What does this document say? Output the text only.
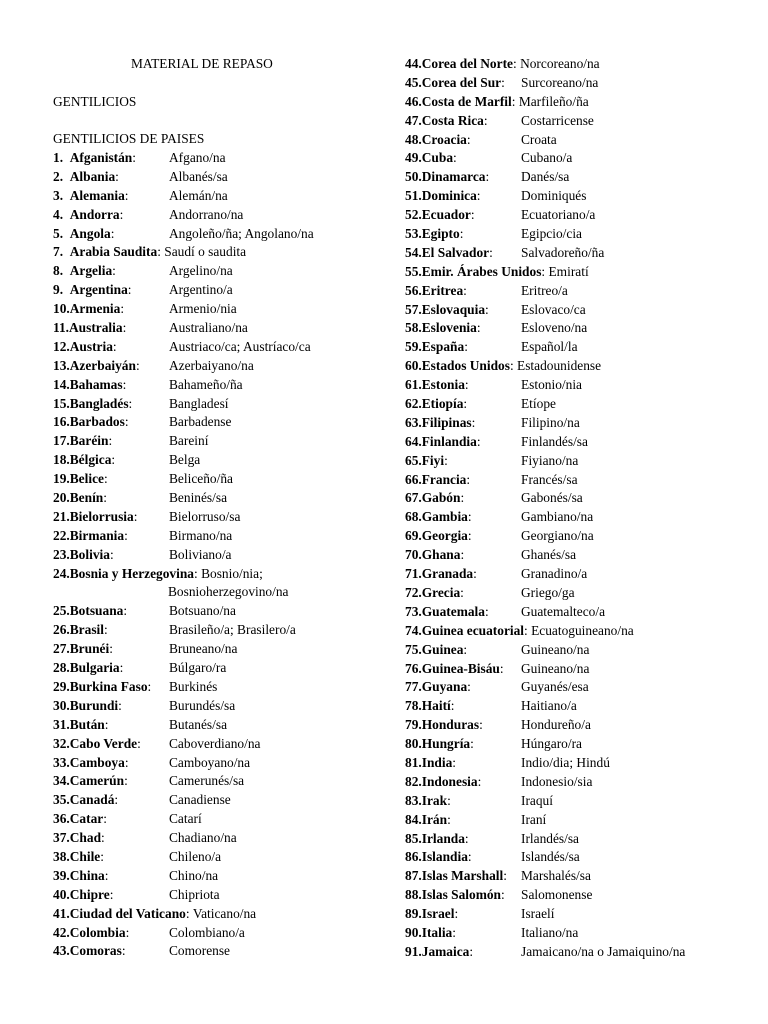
MATERIAL DE REPASO
GENTILICIOS
GENTILICIOS DE PAISES
1.  Afganistán: Afgano/na
2.  Albania:	Albanés/sa
3.  Alemania:	Alemán/na
4.  Andorra:	Andorrano/na
5.  Angola:	Angoleño/ña; Angolano/na
7.  Arabia Saudita: Saudí o saudita
8.  Argelia:	Argelino/na
9.  Argentina:	Argentino/a
10.Armenia:	Armenio/nia
11.Australia:	Australiano/na
12.Austria:	Austriaco/ca; Austríaco/ca
13.Azerbaiyán: Azerbaiyano/na
14.Bahamas:	Bahameño/ña
15.Bangladés:	Bangladesí
16.Barbados:	Barbadense
17.Baréin:	Bareiní
18.Bélgica:	Belga
19.Belice:	Beliceño/ña
20.Benín:	Beninés/sa
21.Bielorrusia: Bielorruso/sa
22.Birmania:	Birmano/na
23.Bolivia:	Boliviano/a
24.Bosnia y Herzegovina: Bosnio/nia;
Bosnioherzegovino/na
25.Botsuana:	Botsuano/na
26.Brasil:	Brasileño/a; Brasilero/a
27.Brunéi:	Bruneano/na
28.Bulgaria:	Búlgaro/ra
29.Burkina Faso: Burkinés
30.Burundi:	Burundés/sa
31.Bután:	Butanés/sa
32.Cabo Verde: Caboverdiano/na
33.Camboya:	Camboyano/na
34.Camerún:	Camerunés/sa
35.Canadá:	Canadiense
36.Catar:	Catarí
37.Chad:	Chadiano/na
38.Chile:	Chileno/a
39.China:	Chino/na
40.Chipre:	Chipriota
41.Ciudad del Vaticano: Vaticano/na
42.Colombia:	Colombiano/a
43.Comoras:	Comorense
44.Corea del Norte: Norcoreano/na
45.Corea del Sur: Surcoreano/na
46.Costa de Marfil: Marfileño/ña
47.Costa Rica: Costarricense
48.Croacia:	Croata
49.Cuba:	Cubano/a
50.Dinamarca: Danés/sa
51.Dominica:	Dominiqués
52.Ecuador:	Ecuatoriano/a
53.Egipto:	Egipcio/cia
54.El Salvador: Salvadoreño/ña
55.Emir. Árabes Unidos: Emiratí
56.Eritrea:	Eritreo/a
57.Eslovaquia: Eslovaco/ca
58.Eslovenia:	Esloveno/na
59.España:	Español/la
60.Estados Unidos: Estadounidense
61.Estonia:	Estonio/nia
62.Etiopía:	Etíope
63.Filipinas:	Filipino/na
64.Finlandia:	Finlandés/sa
65.Fiyi:	Fiyiano/na
66.Francia:	Francés/sa
67.Gabón:	Gabonés/sa
68.Gambia:	Gambiano/na
69.Georgia:	Georgiano/na
70.Ghana:	Ghanés/sa
71.Granada:	Granadino/a
72.Grecia:	Griego/ga
73.Guatemala: Guatemalteco/a
74.Guinea ecuatorial: Ecuatoguineano/na
75.Guinea:	Guineano/na
76.Guinea-Bisáu: Guineano/na
77.Guyana:	Guyanés/esa
78.Haití:	Haitiano/a
79.Honduras:	Hondureño/a
80.Hungría:	Húngaro/ra
81.India:	Indio/dia; Hindú
82.Indonesia:	Indonesio/sia
83.Irak:	Iraquí
84.Irán:	Iraní
85.Irlanda:	Irlandés/sa
86.Islandia:	Islandés/sa
87.Islas Marshall: Marshalés/sa
88.Islas Salomón: Salomonense
89.Israel:	Israelí
90.Italia:	Italiano/na
91.Jamaica:	Jamaicano/na o Jamaiquino/na
